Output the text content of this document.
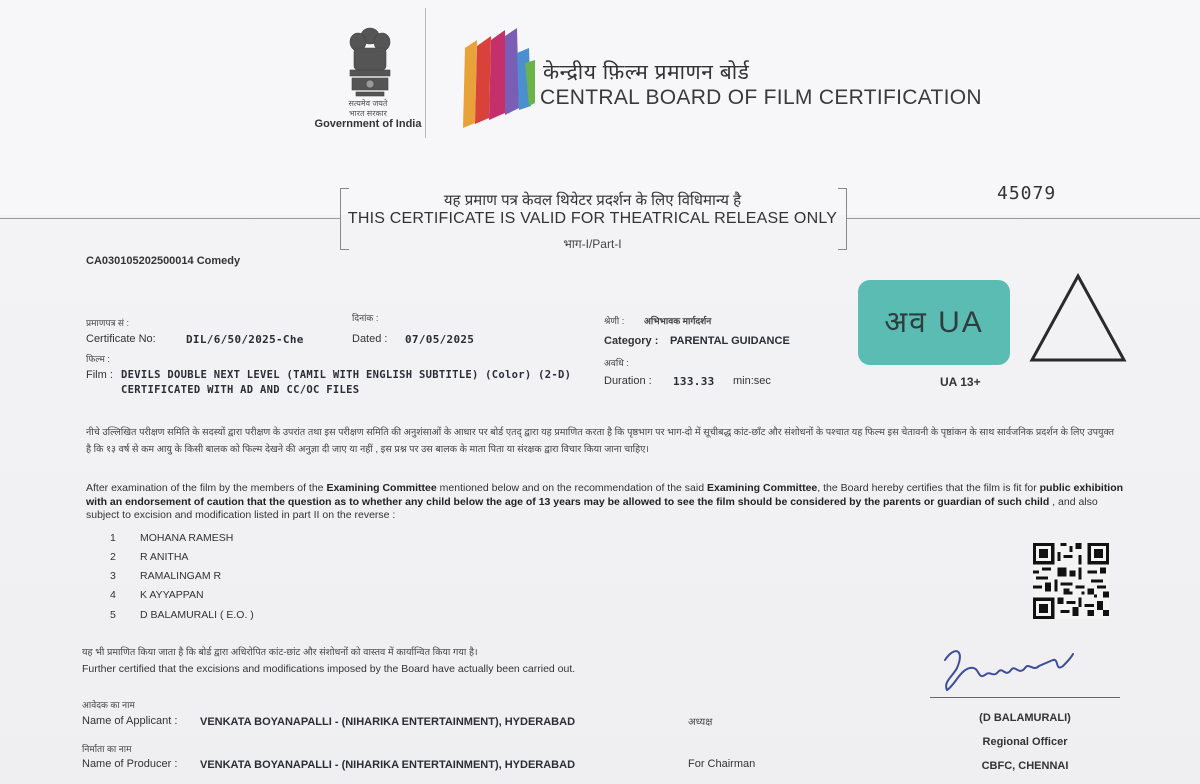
सत्यमेव जयते
भारत सरकार
Government of India
केन्द्रीय फ़िल्म प्रमाणन बोर्ड
CENTRAL BOARD OF FILM CERTIFICATION
45079
यह प्रमाण पत्र केवल थियेटर प्रदर्शन के लिए विधिमान्य है
THIS CERTIFICATE IS VALID FOR THEATRICAL RELEASE ONLY
भाग-I/Part-I
CA030105202500014 Comedy
प्रमाणपत्र सं :
Certificate No:	DIL/6/50/2025-Che
दिनांक :
Dated : 07/05/2025
श्रेणी : अभिभावक मार्गदर्शन
Category : PARENTAL GUIDANCE
अवधि :
Duration : 133.33 min:sec
फिल्म :
Film : DEVILS DOUBLE NEXT LEVEL (TAMIL WITH ENGLISH SUBTITLE) (Color) (2-D)
CERTIFICATED WITH AD AND CC/OC FILES
अव UA
UA 13+
नीचे उल्लिखित परीक्षण समिति के सदस्यों द्वारा परीक्षण के उपरांत तथा इस परीक्षण समिति की अनुशंसाओं के आधार पर बोर्ड एतद् द्वारा यह प्रमाणित करता है कि पृष्ठभाग पर भाग-दो में सूचीबद्ध कांट-छाँट और संशोधनों के पश्चात यह फिल्म इस चेतावनी के पृष्ठांकन के साथ सार्वजनिक प्रदर्शन के लिए उपयुक्त है कि १३ वर्ष से कम आयु के किसी बालक को फिल्म देखने की अनुज्ञा दी जाए या नहीं , इस प्रश्न पर उस बालक के माता पिता या संरक्षक द्वारा विचार किया जाना चाहिए।
After examination of the film by the members of the Examining Committee mentioned below and on the recommendation of the said Examining Committee, the Board hereby certifies that the film is fit for public exhibition with an endorsement of caution that the question as to whether any child below the age of 13 years may be allowed to see the film should be considered by the parents or guardian of such child , and also subject to excision and modification listed in part II on the reverse :
1 MOHANA RAMESH
2 R ANITHA
3 RAMALINGAM R
4 K AYYAPPAN
5 D BALAMURALI ( E.O. )
यह भी प्रमाणित किया जाता है कि बोर्ड द्वारा अधिरोपित कांट-छांट और संशोधनों को वास्तव में कार्यान्वित किया गया है।
Further certified that the excisions and modifications imposed by the Board have actually been carried out.
(D BALAMURALI)
Regional Officer
CBFC, CHENNAI
आवेदक का नाम
Name of Applicant : VENKATA BOYANAPALLI - (NIHARIKA ENTERTAINMENT), HYDERABAD
निर्माता का नाम
Name of Producer : VENKATA BOYANAPALLI - (NIHARIKA ENTERTAINMENT), HYDERABAD
अध्यक्ष
For Chairman
